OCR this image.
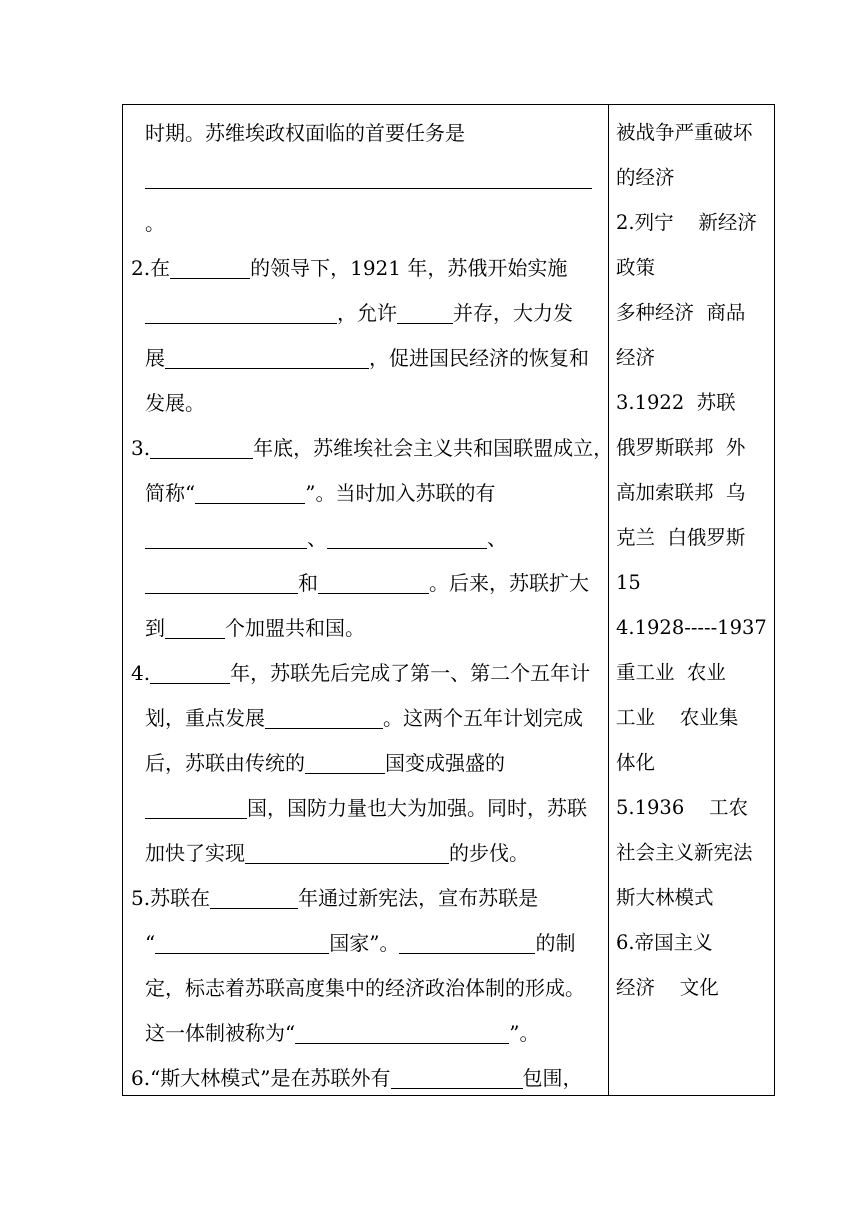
时期。苏维埃政权面临的首要任务是
。
2.在	的领导下，1921 年，苏俄开始实施
，允许	并存，大力发
展	，促进国民经济的恢复和
发展。
3.	年底，苏维埃社会主义共和国联盟成立，
简称“	”。当时加入苏联的有
、	、
和	。后来，苏联扩大
到	个加盟共和国。
4.	年，苏联先后完成了第一、第二个五年计
划，重点发展	。这两个五年计划完成
后，苏联由传统的	国变成强盛的
国，国防力量也大为加强。同时，苏联
加快了实现	的步伐。
5.苏联在	年通过新宪法，宣布苏联是
“	国家”。	的制
定，标志着苏联高度集中的经济政治体制的形成。
这一体制被称为“	”。
6.“斯大林模式”是在苏联外有	包围，
被战争严重破坏
的经济
2.列宁    新经济
政策
多种经济  商品
经济
3.1922  苏联
俄罗斯联邦  外
高加索联邦  乌
克兰  白俄罗斯
15
4.1928-----1937
重工业  农业
工业    农业集
体化
5.1936    工农
社会主义新宪法
斯大林模式
6.帝国主义
经济    文化
